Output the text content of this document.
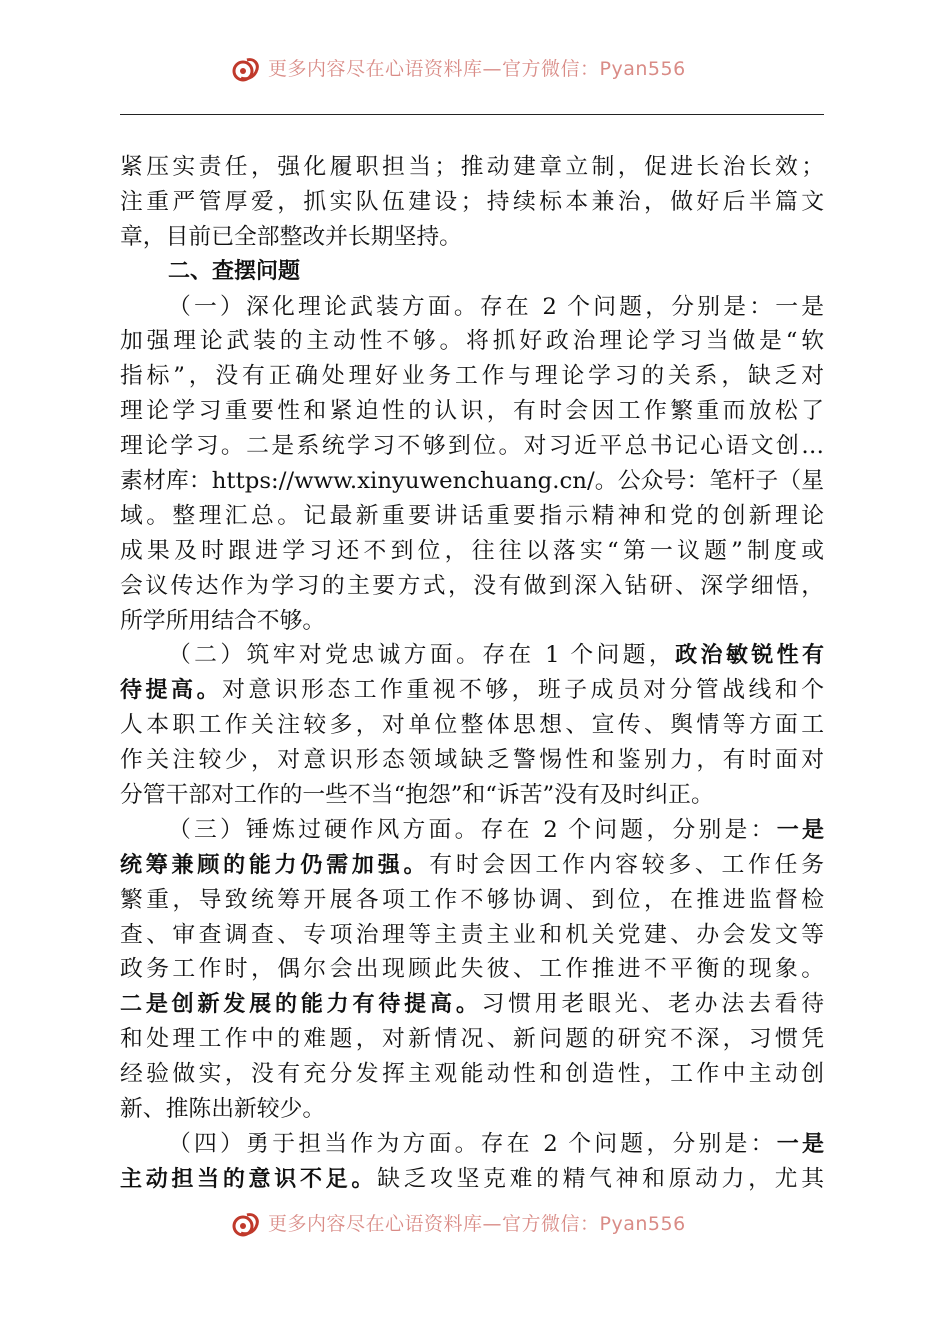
更多内容尽在心语资料库—官方微信：Pyan556
紧压实责任，强化履职担当；推动建章立制，促进长治长效；
注重严管厚爱，抓实队伍建设；持续标本兼治，做好后半篇文
章，目前已全部整改并长期坚持。
二、查摆问题
（一）深化理论武装方面。存在 2 个问题，分别是：一是
加强理论武装的主动性不够。将抓好政治理论学习当做是“软
指标”，没有正确处理好业务工作与理论学习的关系，缺乏对
理论学习重要性和紧迫性的认识，有时会因工作繁重而放松了
理论学习。二是系统学习不够到位。对习近平总书记心语文创…
素材库：https://www.xinyuwenchuang.cn/。公众号：笔杆子（星
域。整理汇总。记最新重要讲话重要指示精神和党的创新理论
成果及时跟进学习还不到位，往往以落实“第一议题”制度或
会议传达作为学习的主要方式，没有做到深入钻研、深学细悟，
所学所用结合不够。
（二）筑牢对党忠诚方面。存在 1 个问题，政治敏锐性有
待提高。对意识形态工作重视不够，班子成员对分管战线和个
人本职工作关注较多，对单位整体思想、宣传、舆情等方面工
作关注较少，对意识形态领域缺乏警惕性和鉴别力，有时面对
分管干部对工作的一些不当“抱怨”和“诉苦”没有及时纠正。
（三）锤炼过硬作风方面。存在 2 个问题，分别是：一是
统筹兼顾的能力仍需加强。有时会因工作内容较多、工作任务
繁重，导致统筹开展各项工作不够协调、到位，在推进监督检
查、审查调查、专项治理等主责主业和机关党建、办会发文等
政务工作时，偶尔会出现顾此失彼、工作推进不平衡的现象。
二是创新发展的能力有待提高。习惯用老眼光、老办法去看待
和处理工作中的难题，对新情况、新问题的研究不深，习惯凭
经验做实，没有充分发挥主观能动性和创造性，工作中主动创
新、推陈出新较少。
（四）勇于担当作为方面。存在 2 个问题，分别是：一是
主动担当的意识不足。缺乏攻坚克难的精气神和原动力，尤其
更多内容尽在心语资料库—官方微信：Pyan556
